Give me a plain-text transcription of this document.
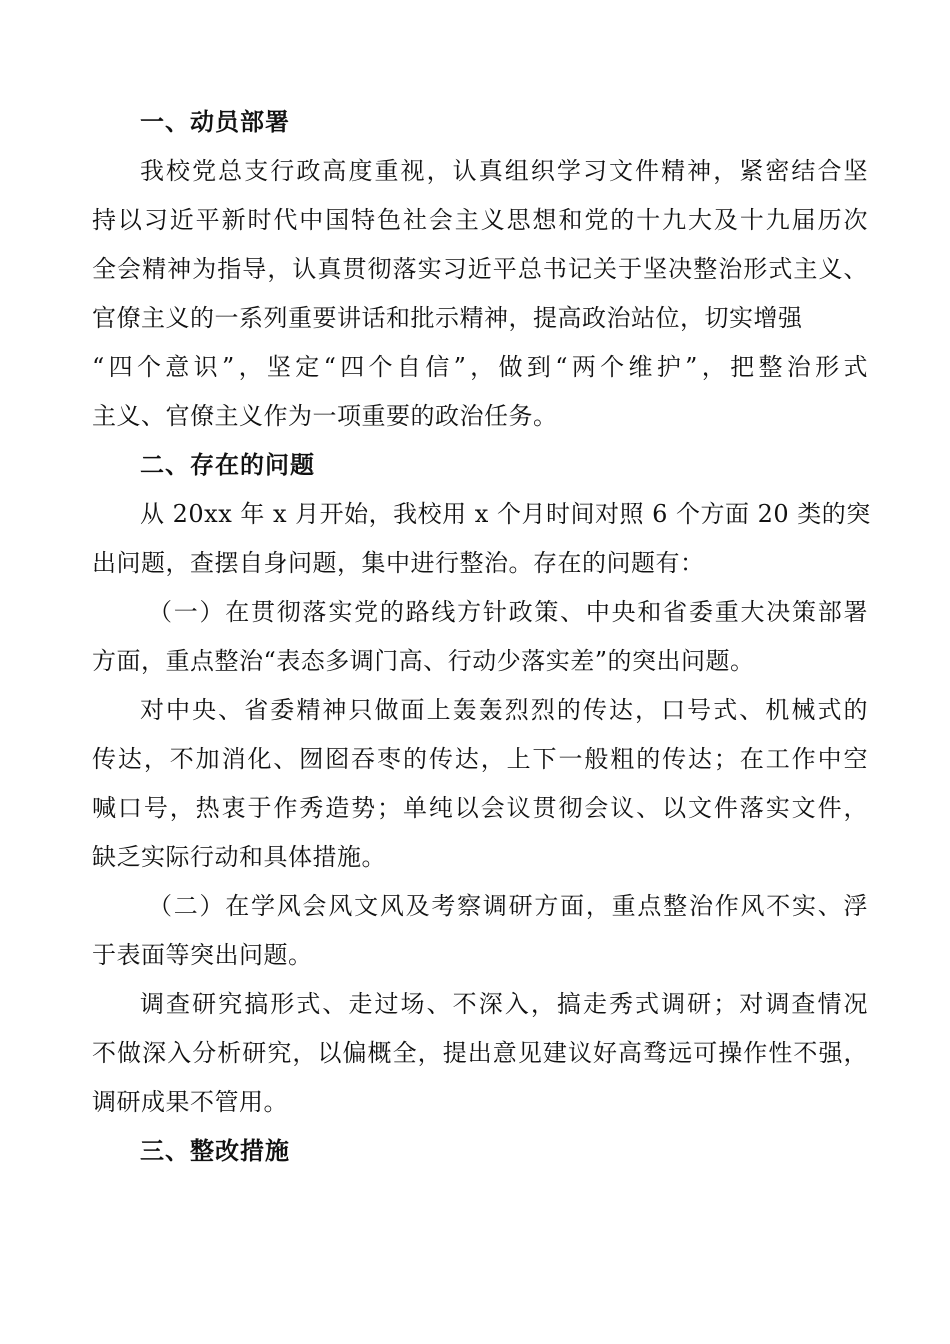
一、动员部署
我校党总支行政高度重视，认真组织学习文件精神，紧密结合坚
持以习近平新时代中国特色社会主义思想和党的十九大及十九届历次
全会精神为指导，认真贯彻落实习近平总书记关于坚决整治形式主义、
官僚主义的一系列重要讲话和批示精神，提高政治站位，切实增强
“四个意识”，坚定“四个自信”，做到“两个维护”，把整治形式
主义、官僚主义作为一项重要的政治任务。
二、存在的问题
从 20xx 年 x 月开始，我校用 x 个月时间对照 6 个方面 20 类的突
出问题，查摆自身问题，集中进行整治。存在的问题有：
（一）在贯彻落实党的路线方针政策、中央和省委重大决策部署
方面，重点整治“表态多调门高、行动少落实差”的突出问题。
对中央、省委精神只做面上轰轰烈烈的传达，口号式、机械式的
传达，不加消化、囫囵吞枣的传达，上下一般粗的传达；在工作中空
喊口号，热衷于作秀造势；单纯以会议贯彻会议、以文件落实文件，
缺乏实际行动和具体措施。
（二）在学风会风文风及考察调研方面，重点整治作风不实、浮
于表面等突出问题。
调查研究搞形式、走过场、不深入，搞走秀式调研；对调查情况
不做深入分析研究，以偏概全，提出意见建议好高骛远可操作性不强，
调研成果不管用。
三、整改措施
